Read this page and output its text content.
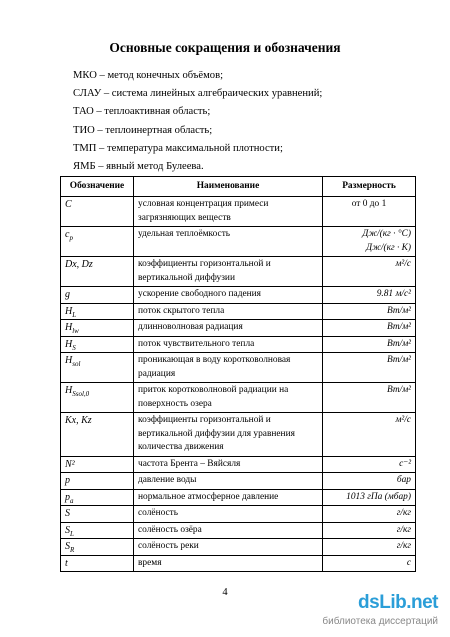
Основные сокращения и обозначения
МКО – метод конечных объёмов;
СЛАУ – система линейных алгебраических уравнений;
ТАО – теплоактивная область;
ТИО – теплоинертная область;
ТМП – температура максимальной плотности;
ЯМБ – явный метод Булеева.
Обозначение	Наименование	Размерность
C	условная концентрация примеси загрязняющих веществ	от 0 до 1

$c_p$	удельная теплоёмкость	Дж/(кг · °С)
Дж/(кг · К)

Dx, Dz	коэффициенты горизонтальной и вертикальной диффузии	м²/с

g	ускорение свободного падения	9.81 м/с²

$H_L$	поток скрытого тепла	Вт/м²

$H_{lw}$	длинноволновая радиация	Вт/м²

$H_S$	поток чувствительного тепла	Вт/м²

$H_{sol}$	проникающая в воду коротковолновая радиация	Вт/м²

$H_{Ssol,0}$	приток коротковолновой радиации на поверхность озера	Вт/м²

Kx, Kz	коэффициенты горизонтальной и вертикальной диффузии для уравнения количества движения	м²/с

N²	частота Брента – Вяйсяля	с⁻²

p	давление воды	бар

$p_a$	нормальное атмосферное давление	1013 гПа (мбар)

S	солёность	г/кг

$S_L$	солёность озёра	г/кг

$S_R$	солёность реки	г/кг

t	время	с
4	dsLib.net
библиотека диссертаций
